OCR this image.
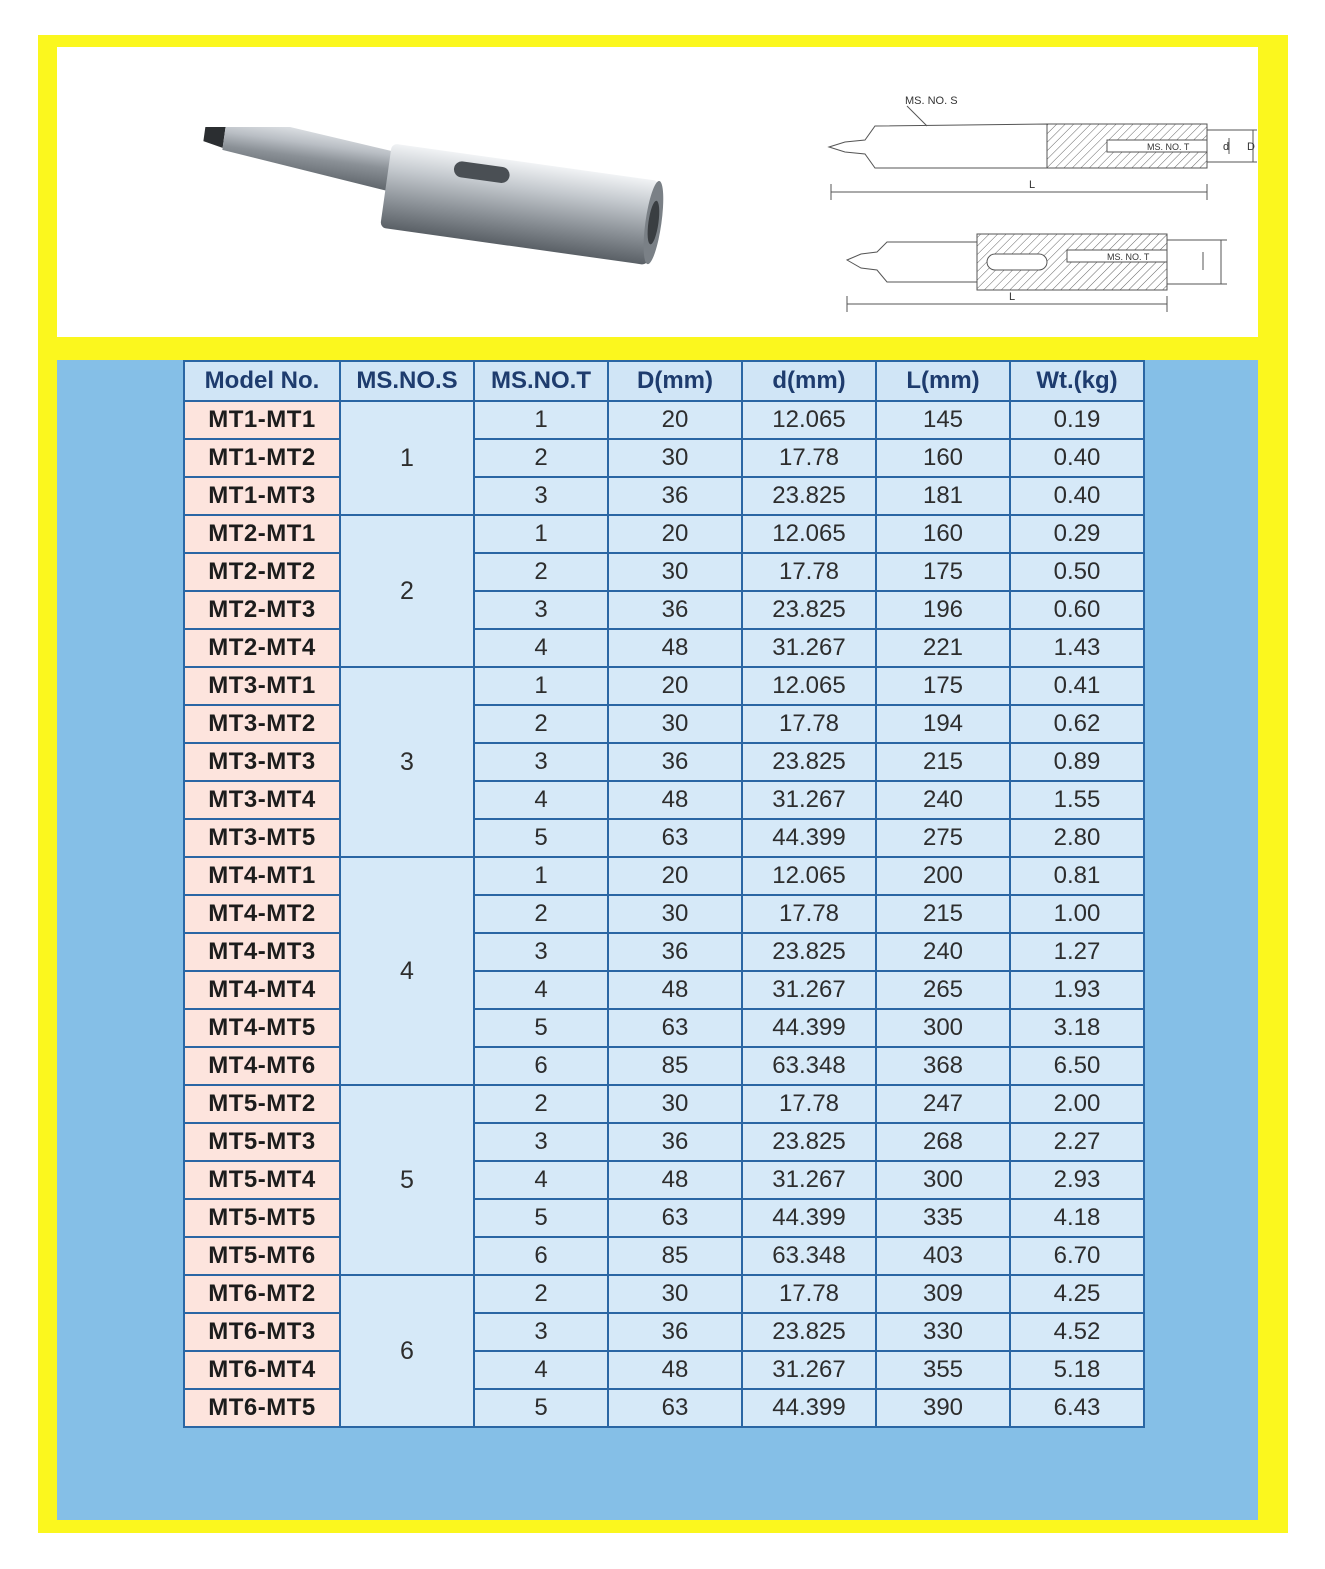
MS. NO. S
MS. NO. T
MS. NO. T
d D
L
L
Model No.	MS.NO.S	MS.NO.T	D(mm)	d(mm)	L(mm)	Wt.(kg)
MT1-MT1	1	1	20	12.065	145	0.19
MT1-MT2		2	30	17.78	160	0.40
MT1-MT3		3	36	23.825	181	0.40
MT2-MT1	2	1	20	12.065	160	0.29
MT2-MT2		2	30	17.78	175	0.50
MT2-MT3		3	36	23.825	196	0.60
MT2-MT4		4	48	31.267	221	1.43
MT3-MT1	3	1	20	12.065	175	0.41
MT3-MT2		2	30	17.78	194	0.62
MT3-MT3		3	36	23.825	215	0.89
MT3-MT4		4	48	31.267	240	1.55
MT3-MT5		5	63	44.399	275	2.80
MT4-MT1	4	1	20	12.065	200	0.81
MT4-MT2		2	30	17.78	215	1.00
MT4-MT3		3	36	23.825	240	1.27
MT4-MT4		4	48	31.267	265	1.93
MT4-MT5		5	63	44.399	300	3.18
MT4-MT6		6	85	63.348	368	6.50
MT5-MT2	5	2	30	17.78	247	2.00
MT5-MT3		3	36	23.825	268	2.27
MT5-MT4		4	48	31.267	300	2.93
MT5-MT5		5	63	44.399	335	4.18
MT5-MT6		6	85	63.348	403	6.70
MT6-MT2	6	2	30	17.78	309	4.25
MT6-MT3		3	36	23.825	330	4.52
MT6-MT4		4	48	31.267	355	5.18
MT6-MT5		5	63	44.399	390	6.43
